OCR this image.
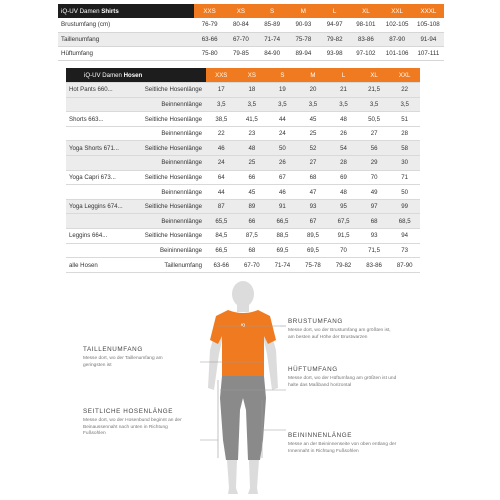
iQ-UV Damen Shirts	XXS	XS	S	M	L	XL	XXL	XXXL
Brustumfang (cm)	76-79	80-84	85-89	90-93	94-97	98-101	102-105	105-108
Taillenumfang	63-66	67-70	71-74	75-78	79-82	83-86	87-90	91-94
Hüftumfang	75-80	79-85	84-90	89-94	93-98	97-102	101-106	107-111
iQ-UV Damen Hosen		XXS	XS	S	M	L	XL	XXL
Hot Pants 660...	Seitliche Hosenlänge	17	18	19	20	21	21,5	22
	Beinnennlänge	3,5	3,5	3,5	3,5	3,5	3,5	3,5
Shorts 663...	Seitliche Hosenlänge	38,5	41,5	44	45	48	50,5	51
	Beinnennlänge	22	23	24	25	26	27	28
Yoga Shorts 671...	Seitliche Hosenlänge	46	48	50	52	54	56	58
	Beinnennlänge	24	25	26	27	28	29	30
Yoga Capri 673...	Seitliche Hosenlänge	64	66	67	68	69	70	71
	Beinnennlänge	44	45	46	47	48	49	50
Yoga Leggins 674...	Seitliche Hosenlänge	87	89	91	93	95	97	99
	Beinnennlänge	65,5	66	66,5	67	67,5	68	68,5
Leggins 664...	Seitliche Hosenlänge	84,5	87,5	88,5	89,5	91,5	93	94
	Beininnenlänge	66,5	68	69,5	69,5	70	71,5	73
alle Hosen	Taillenumfang	63-66	67-70	71-74	75-78	79-82	83-86	87-90
iQ	BRUSTUMFANG
Messe dort, wo der Brustumfang am größten ist, am besten auf Höhe der Brustwarzen
TAILLENUMFANG
Messe dort, wo der Taillenumfang am geringsten ist
HÜFTUMFANG
Messe dort, wo der Hüftumfang am größten ist und halte das Maßband horizontal
SEITLICHE HOSENLÄNGE
Messe dort, wo der Hosenbund beginnt an der Beinaussennaht nach unten in Richtung Fußsohlen	BEININNENLÄNGE
Messe an der Beininnenseite von oben entlang der Innennaht in Richtung Fußsohlen
